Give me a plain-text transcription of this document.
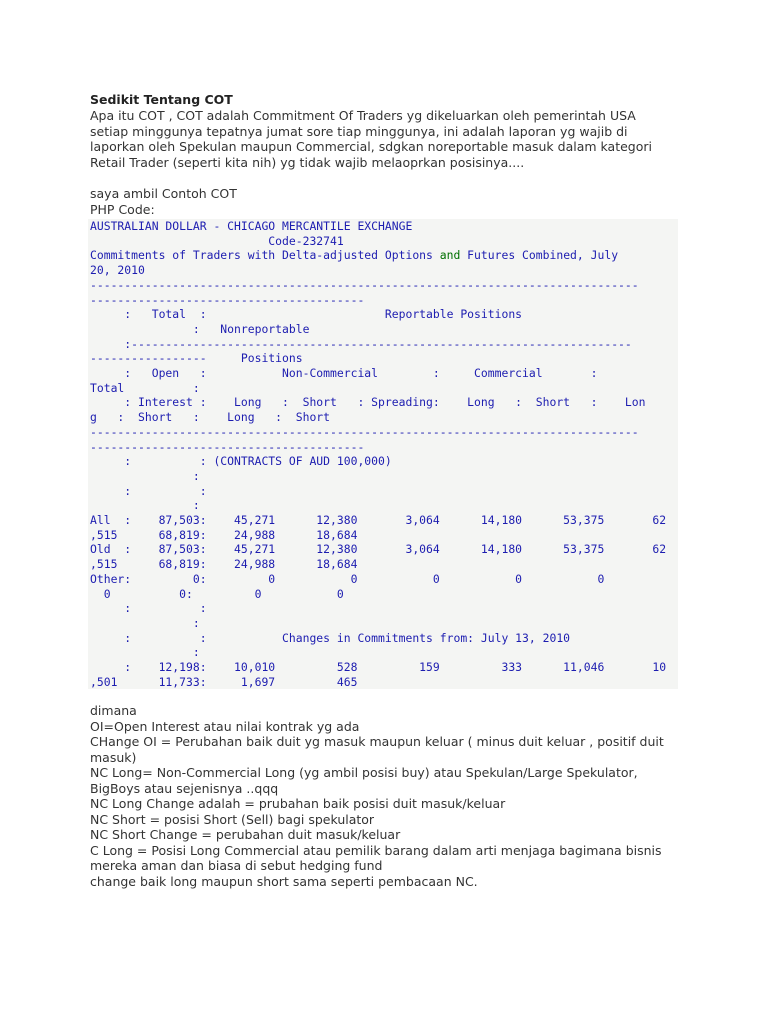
Sedikit Tentang COT

Apa itu COT , COT adalah Commitment Of Traders yg dikeluarkan oleh pemerintah USA
setiap minggunya tepatnya jumat sore tiap minggunya, ini adalah laporan yg wajib di
laporkan oleh Spekulan maupun Commercial, sdgkan noreportable masuk dalam kategori
Retail Trader (seperti kita nih) yg tidak wajib melaoprkan posisinya....

saya ambil Contoh COT

PHP Code:

AUSTRALIAN DOLLAR - CHICAGO MERCANTILE EXCHANGE
Code-232741
Commitments of Traders with Delta-adjusted Options and Futures Combined, July
20, 2010
--------------------------------------------------------------------------------
----------------------------------------
:   Total  :                          Reportable Positions
:   Nonreportable
:-------------------------------------------------------------------------
-----------------     Positions
:   Open   :           Non-Commercial        :     Commercial       :
Total          :
: Interest :    Long   :  Short   : Spreading:    Long   :  Short   :    Lon
g   :  Short   :    Long   :  Short
--------------------------------------------------------------------------------
----------------------------------------
:          : (CONTRACTS OF AUD 100,000)
:
:          :
:
All  :    87,503:    45,271      12,380       3,064      14,180      53,375       62
,515      68,819:    24,988      18,684
Old  :    87,503:    45,271      12,380       3,064      14,180      53,375       62
,515      68,819:    24,988      18,684
Other:         0:         0           0           0           0           0
0          0:         0           0
:          :
:
:          :           Changes in Commitments from: July 13, 2010
:
:    12,198:    10,010         528         159         333      11,046       10
,501      11,733:     1,697         465

dimana

OI=Open Interest atau nilai kontrak yg ada

CHange OI = Perubahan baik duit yg masuk maupun keluar ( minus duit keluar , positif duit

masuk)

NC Long= Non-Commercial Long (yg ambil posisi buy) atau Spekulan/Large Spekulator,

BigBoys atau sejenisnya ..qqq

NC Long Change adalah = prubahan baik posisi duit masuk/keluar

NC Short = posisi Short (Sell) bagi spekulator

NC Short Change = perubahan duit masuk/keluar

C Long = Posisi Long Commercial atau pemilik barang dalam arti menjaga bagimana bisnis

mereka aman dan biasa di sebut hedging fund

change baik long maupun short sama seperti pembacaan NC.
